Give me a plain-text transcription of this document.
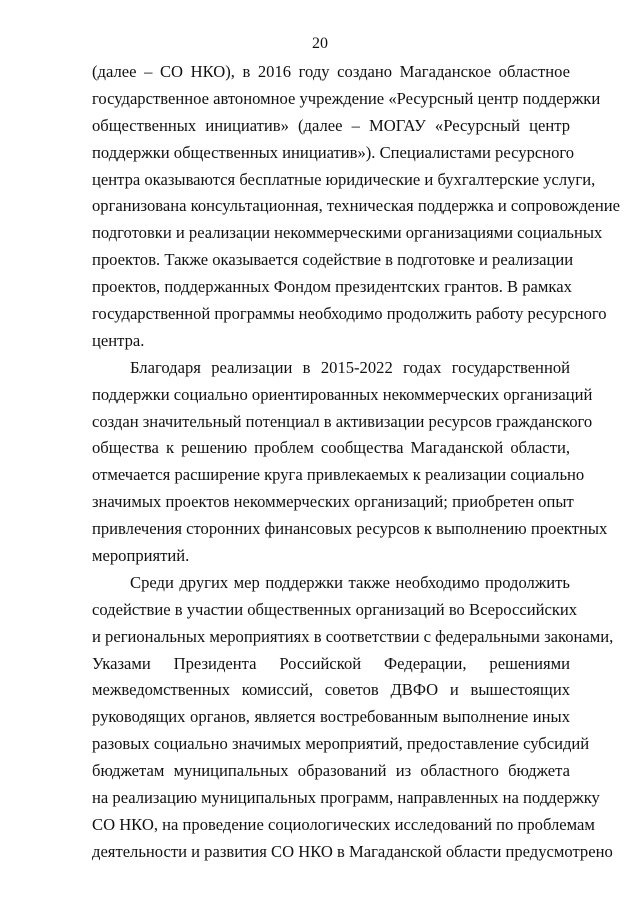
20
(далее – СО НКО), в 2016 году создано Магаданское областное
государственное автономное учреждение «Ресурсный центр поддержки
общественных инициатив» (далее – МОГАУ «Ресурсный центр
поддержки общественных инициатив»). Специалистами ресурсного
центра оказываются бесплатные юридические и бухгалтерские услуги,
организована консультационная, техническая поддержка и сопровождение
подготовки и реализации некоммерческими организациями социальных
проектов. Также оказывается содействие в подготовке и реализации
проектов, поддержанных Фондом президентских грантов. В рамках
государственной программы необходимо продолжить работу ресурсного
центра.
Благодаря реализации в 2015-2022 годах государственной
поддержки социально ориентированных некоммерческих организаций
создан значительный потенциал в активизации ресурсов гражданского
общества к решению проблем сообщества Магаданской области,
отмечается расширение круга привлекаемых к реализации социально
значимых проектов некоммерческих организаций; приобретен опыт
привлечения сторонних финансовых ресурсов к выполнению проектных
мероприятий.
Среди других мер поддержки также необходимо продолжить
содействие в участии общественных организаций во Всероссийских
и региональных мероприятиях в соответствии с федеральными законами,
Указами Президента Российской Федерации, решениями
межведомственных комиссий, советов ДВФО и вышестоящих
руководящих органов, является востребованным выполнение иных
разовых социально значимых мероприятий, предоставление субсидий
бюджетам муниципальных образований из областного бюджета
на реализацию муниципальных программ, направленных на поддержку
СО НКО, на проведение социологических исследований по проблемам
деятельности и развития СО НКО в Магаданской области предусмотрено
